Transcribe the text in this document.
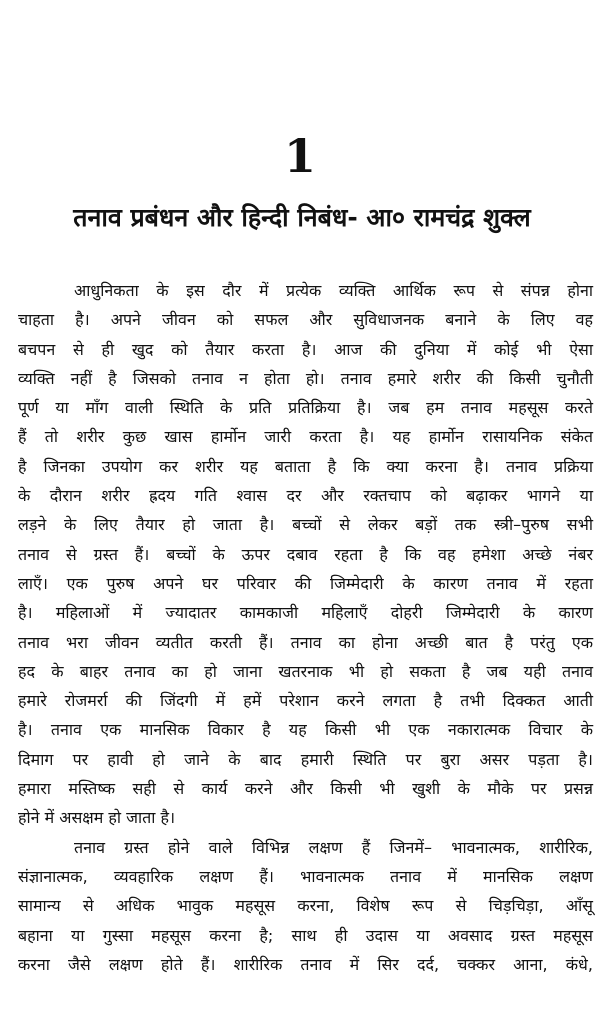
1
तनाव प्रबंधन और हिन्दी निबंध- आ० रामचंद्र शुक्ल

आधुनिकता के इस दौर में प्रत्येक व्यक्ति आर्थिक रूप से संपन्न होना
चाहता है। अपने जीवन को सफल और सुविधाजनक बनाने के लिए वह
बचपन से ही खुद को तैयार करता है। आज की दुनिया में कोई भी ऐसा
व्यक्ति नहीं है जिसको तनाव न होता हो। तनाव हमारे शरीर की किसी चुनौती
पूर्ण या माँग वाली स्थिति के प्रति प्रतिक्रिया है। जब हम तनाव महसूस करते
हैं तो शरीर कुछ खास हार्मोन जारी करता है। यह हार्मोन रासायनिक संकेत
है जिनका उपयोग कर शरीर यह बताता है कि क्या करना है। तनाव प्रक्रिया
के दौरान शरीर ह्रदय गति श्वास दर और रक्तचाप को बढ़ाकर भागने या
लड़ने के लिए तैयार हो जाता है। बच्चों से लेकर बड़ों तक स्त्री–पुरुष सभी
तनाव से ग्रस्त हैं। बच्चों के ऊपर दबाव रहता है कि वह हमेशा अच्छे नंबर
लाएँ। एक पुरुष अपने घर परिवार की जिम्मेदारी के कारण तनाव में रहता
है। महिलाओं में ज्यादातर कामकाजी महिलाएँ दोहरी जिम्मेदारी के कारण
तनाव भरा जीवन व्यतीत करती हैं। तनाव का होना अच्छी बात है परंतु एक
हद के बाहर तनाव का हो जाना खतरनाक भी हो सकता है जब यही तनाव
हमारे रोजमर्रा की जिंदगी में हमें परेशान करने लगता है तभी दिक्कत आती
है। तनाव एक मानसिक विकार है यह किसी भी एक नकारात्मक विचार के
दिमाग पर हावी हो जाने के बाद हमारी स्थिति पर बुरा असर पड़ता है।
हमारा मस्तिष्क सही से कार्य करने और किसी भी खुशी के मौके पर प्रसन्न
होने में असक्षम हो जाता है।

तनाव ग्रस्त होने वाले विभिन्न लक्षण हैं जिनमें– भावनात्मक, शारीरिक,
संज्ञानात्मक, व्यवहारिक लक्षण हैं। भावनात्मक तनाव में मानसिक लक्षण
सामान्य से अधिक भावुक महसूस करना, विशेष रूप से चिड़चिड़ा, आँसू
बहाना या गुस्सा महसूस करना है; साथ ही उदास या अवसाद ग्रस्त महसूस
करना जैसे लक्षण होते हैं। शारीरिक तनाव में सिर दर्द, चक्कर आना, कंधे,
